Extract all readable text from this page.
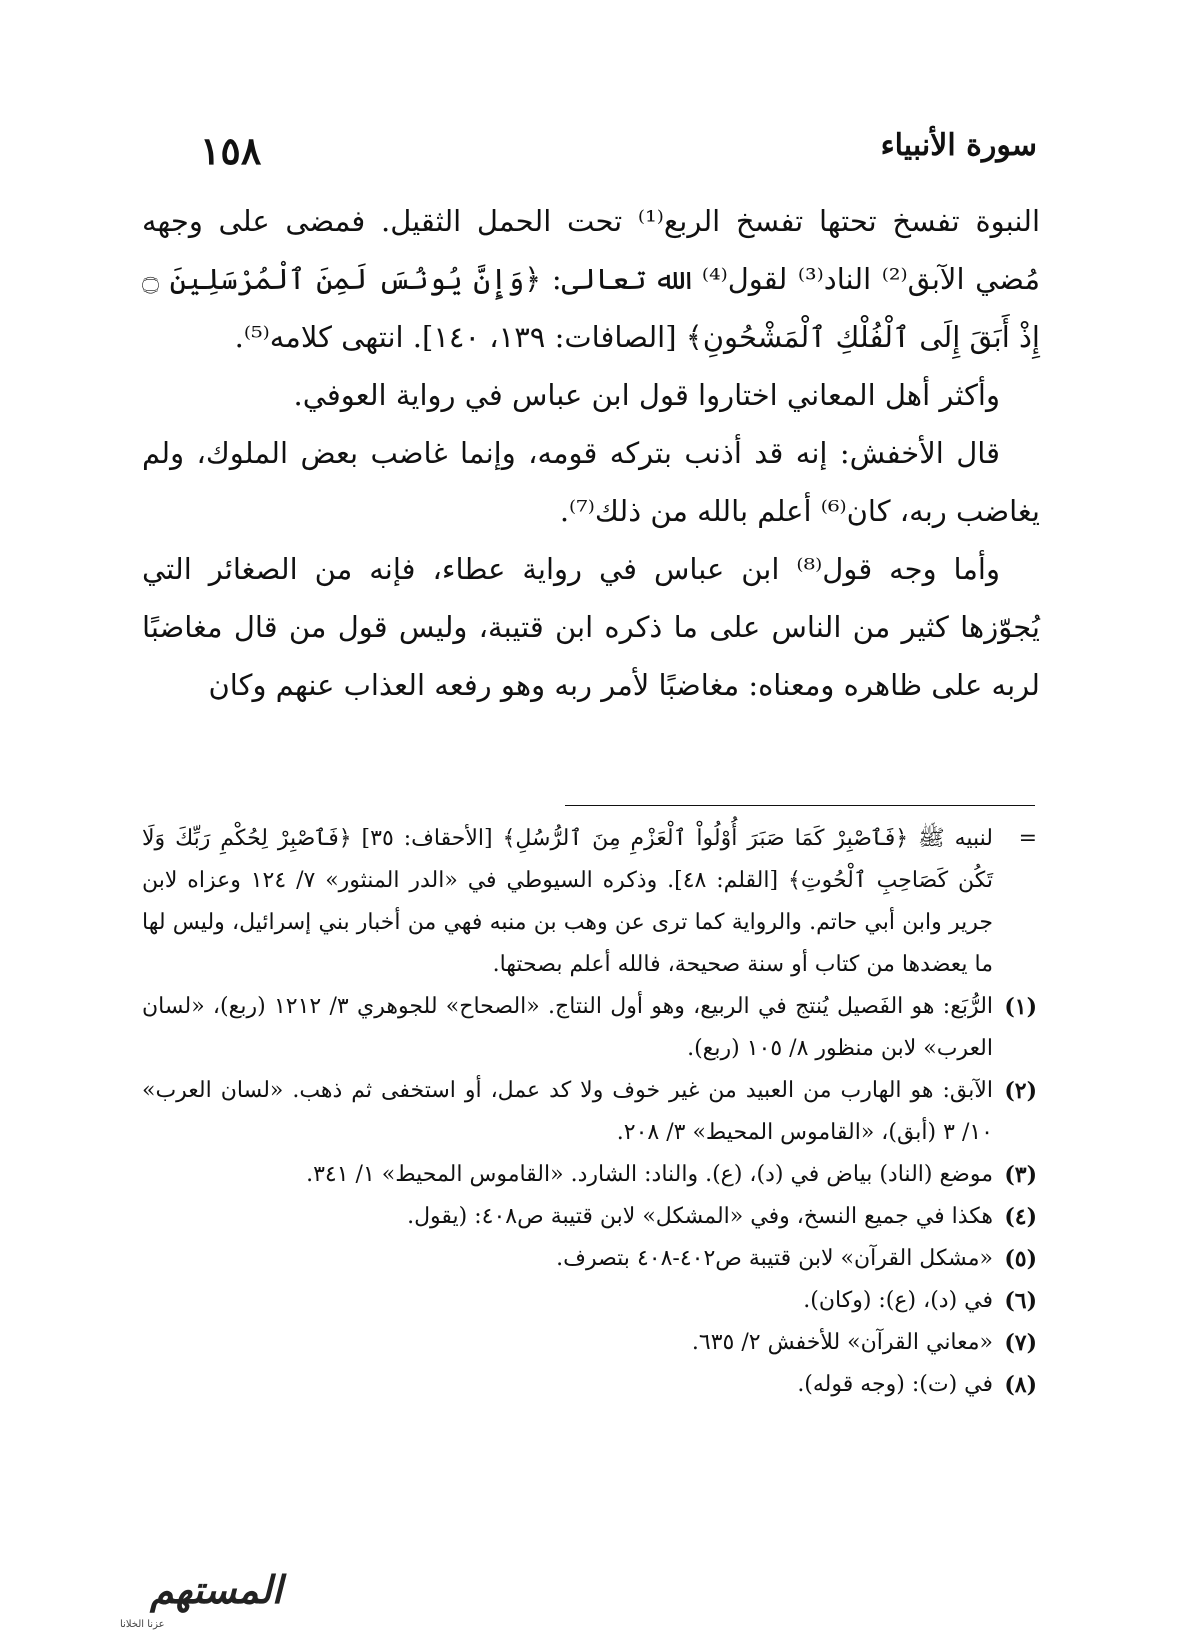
١٥٨	سورة الأنبياء

النبوة تفسخ تحتها تفسخ الربع⁽¹⁾ تحت الحمل الثقيل. فمضى على وجهه مُضي الآبق⁽²⁾ الناد⁽³⁾ لقول⁽⁴⁾ الله تعالى: ﴿وَإِنَّ يُونُسَ لَمِنَ ٱلْمُرْسَلِينَ ۝ إِذْ أَبَقَ إِلَى ٱلْفُلْكِ ٱلْمَشْحُونِ﴾ [الصافات: ١٣٩، ١٤٠]. انتهى كلامه⁽⁵⁾.

وأكثر أهل المعاني اختاروا قول ابن عباس في رواية العوفي.

قال الأخفش: إنه قد أذنب بتركه قومه، وإنما غاضب بعض الملوك، ولم يغاضب ربه، كان⁽⁶⁾ أعلم بالله من ذلك⁽⁷⁾.

وأما وجه قول⁽⁸⁾ ابن عباس في رواية عطاء، فإنه من الصغائر التي يُجوّزها كثير من الناس على ما ذكره ابن قتيبة، وليس قول من قال مغاضبًا لربه على ظاهره ومعناه: مغاضبًا لأمر ربه وهو رفعه العذاب عنهم وكان

=
لنبيه ﷺ ﴿فَٱصْبِرْ كَمَا صَبَرَ أُوْلُواْ ٱلْعَزْمِ مِنَ ٱلرُّسُلِ﴾ [الأحقاف: ٣٥] ﴿فَٱصْبِرْ لِحُكْمِ رَبِّكَ وَلَا تَكُن كَصَاحِبِ ٱلْحُوتِ﴾ [القلم: ٤٨]. وذكره السيوطي في «الدر المنثور» ٧/ ١٢٤ وعزاه لابن جرير وابن أبي حاتم. والرواية كما ترى عن وهب بن منبه فهي من أخبار بني إسرائيل، وليس لها ما يعضدها من كتاب أو سنة صحيحة، فالله أعلم بصحتها.

(١)
الرُّبَع: هو الفَصيل يُنتج في الربيع، وهو أول النتاج. «الصحاح» للجوهري ٣/ ١٢١٢ (ربع)، «لسان العرب» لابن منظور ٨/ ١٠٥ (ربع).

(٢)
الآبق: هو الهارب من العبيد من غير خوف ولا كد عمل، أو استخفى ثم ذهب. «لسان العرب» ١٠/ ٣ (أبق)، «القاموس المحيط» ٣/ ٢٠٨.

(٣)
موضع (الناد) بياض في (د)، (ع). والناد: الشارد. «القاموس المحيط» ١/ ٣٤١.

(٤)
هكذا في جميع النسخ، وفي «المشكل» لابن قتيبة ص٤٠٨: (يقول.

(٥)
«مشكل القرآن» لابن قتيبة ص٤٠٢-٤٠٨ بتصرف.

(٦)
في (د)، (ع): (وكان).

(٧)
«معاني القرآن» للأخفش ٢/ ٦٣٥.

(٨)
في (ت): (وجه قوله).

المستهم
عزنا الخلانا
